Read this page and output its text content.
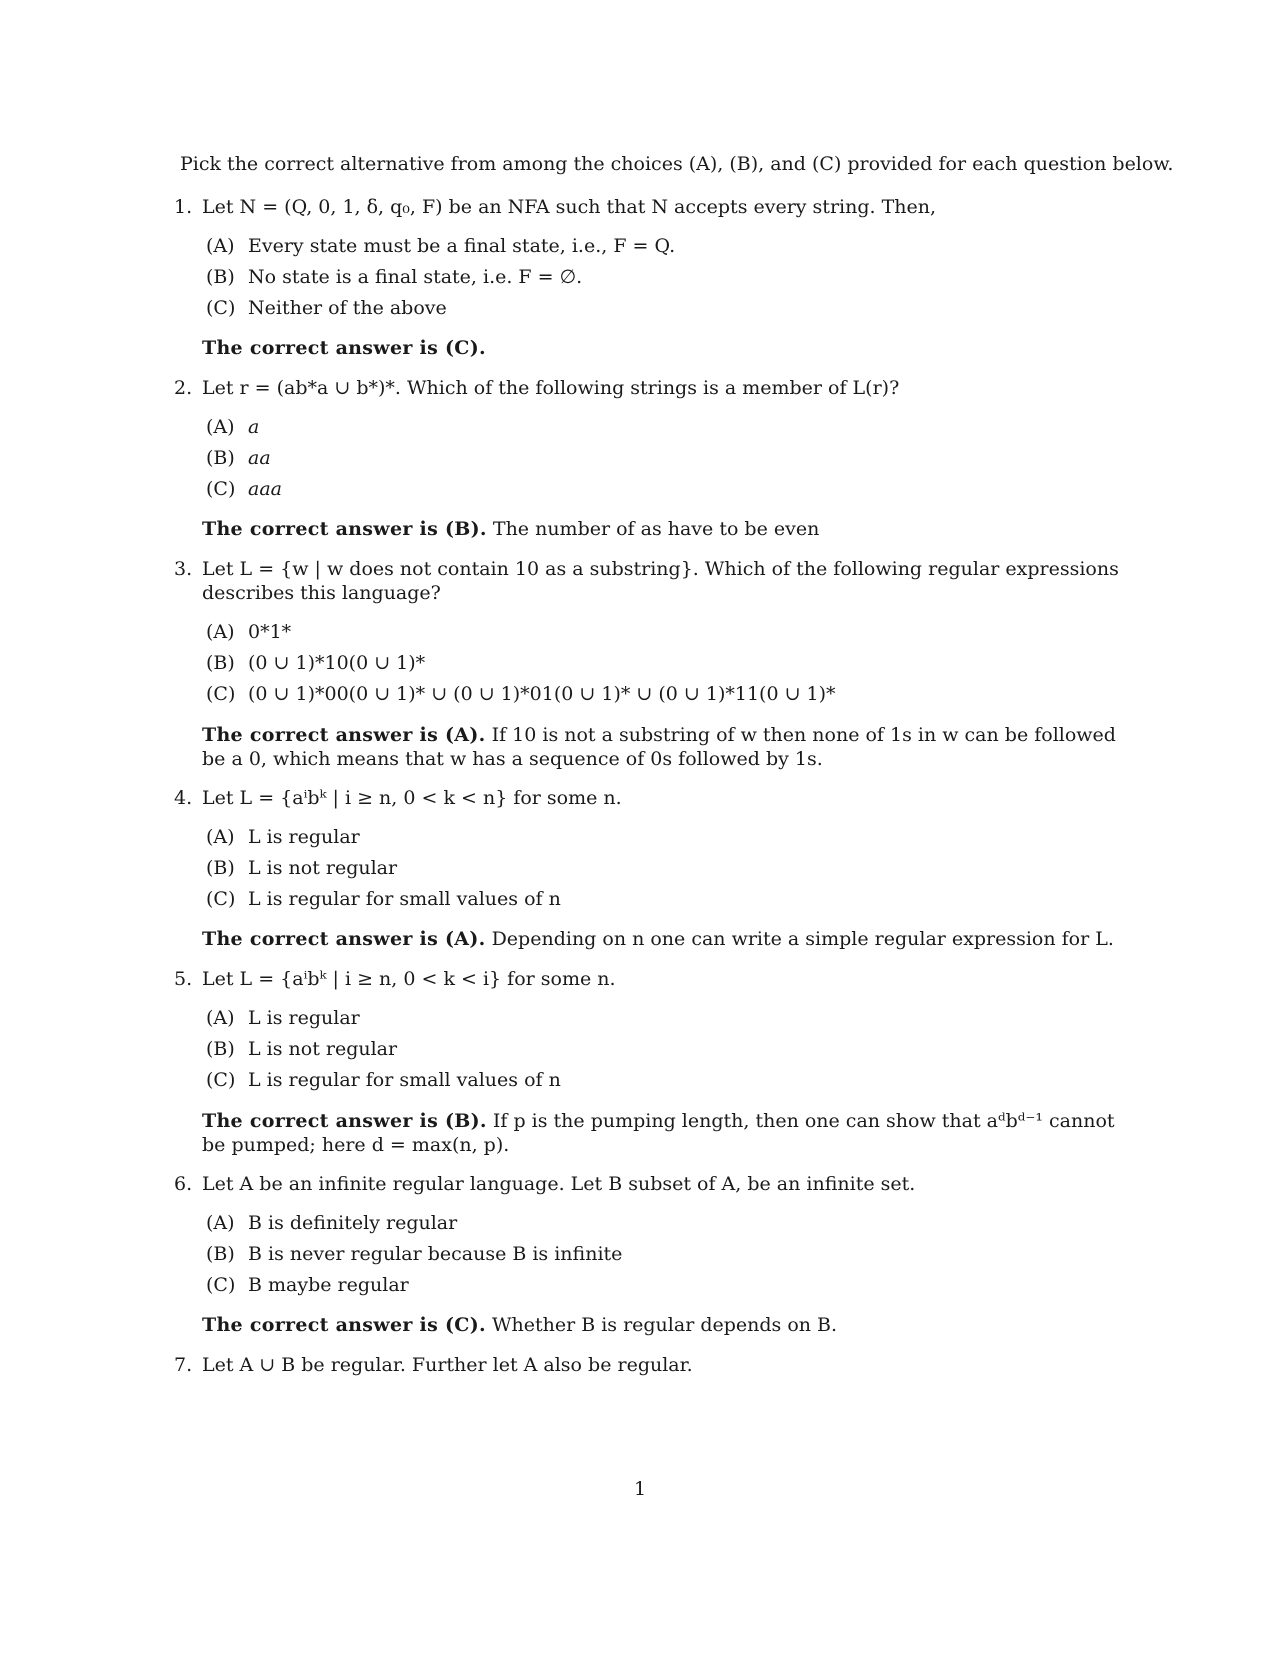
Pick the correct alternative from among the choices (A), (B), and (C) provided for each question below.
1. Let N = (Q, 0, 1, δ, q₀, F) be an NFA such that N accepts every string. Then,
(A) Every state must be a final state, i.e., F = Q.
(B) No state is a final state, i.e. F = ∅.
(C) Neither of the above
The correct answer is (C).
2. Let r = (ab*a ∪ b*)*. Which of the following strings is a member of L(r)?
(A) a
(B) aa
(C) aaa
The correct answer is (B). The number of as have to be even
3. Let L = {w | w does not contain 10 as a substring}. Which of the following regular expressions describes this language?
(A) 0*1*
(B) (0 ∪ 1)*10(0 ∪ 1)*
(C) (0 ∪ 1)*00(0 ∪ 1)* ∪ (0 ∪ 1)*01(0 ∪ 1)* ∪ (0 ∪ 1)*11(0 ∪ 1)*
The correct answer is (A). If 10 is not a substring of w then none of 1s in w can be followed be a 0, which means that w has a sequence of 0s followed by 1s.
4. Let L = {aⁱbᵏ | i ≥ n, 0 < k < n} for some n.
(A) L is regular
(B) L is not regular
(C) L is regular for small values of n
The correct answer is (A). Depending on n one can write a simple regular expression for L.
5. Let L = {aⁱbᵏ | i ≥ n, 0 < k < i} for some n.
(A) L is regular
(B) L is not regular
(C) L is regular for small values of n
The correct answer is (B). If p is the pumping length, then one can show that aᵈbᵈ⁻¹ cannot be pumped; here d = max(n, p).
6. Let A be an infinite regular language. Let B subset of A, be an infinite set.
(A) B is definitely regular
(B) B is never regular because B is infinite
(C) B maybe regular
The correct answer is (C). Whether B is regular depends on B.
7. Let A ∪ B be regular. Further let A also be regular.
1
